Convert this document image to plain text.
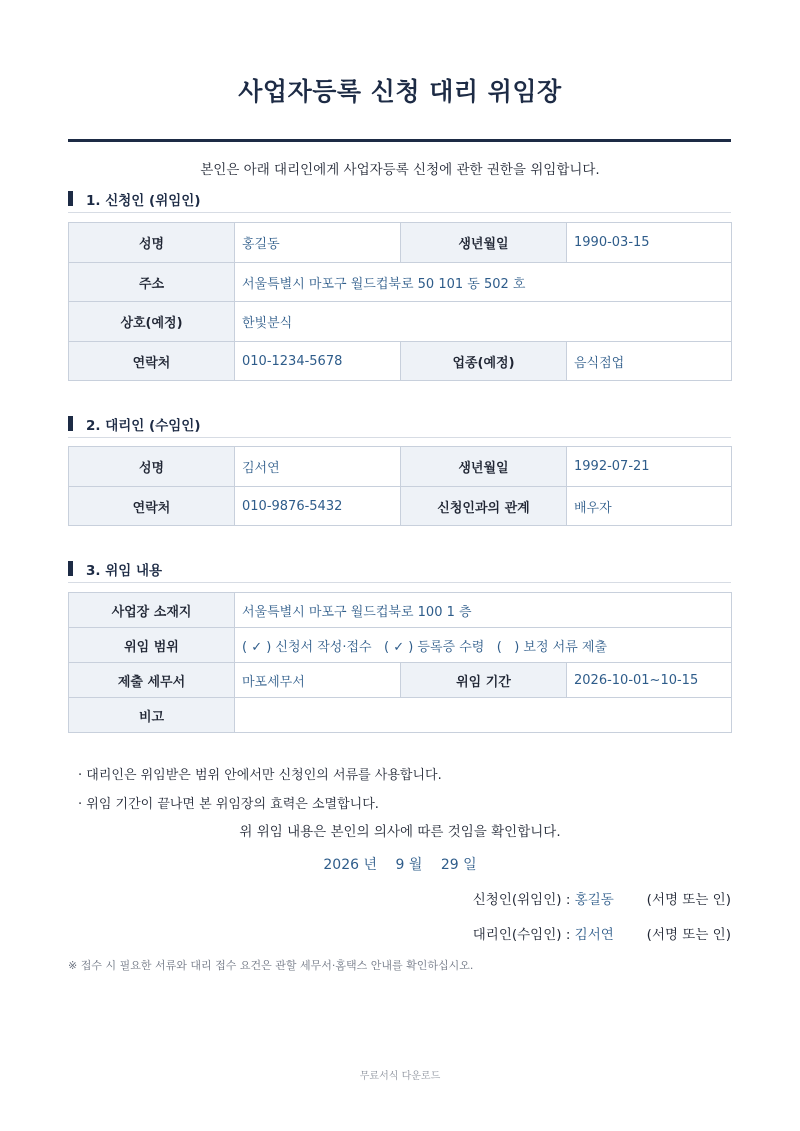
사업자등록 신청 대리 위임장
본인은 아래 대리인에게 사업자등록 신청에 관한 권한을 위임합니다.
1. 신청인 (위임인)
성명	홍길동	생년월일	1990-03-15
주소	서울특별시 마포구 월드컵북로 50 101 동 502 호		
상호(예정)	한빛분식		
연락처	010-1234-5678	업종(예정)	음식점업
2. 대리인 (수임인)
성명	김서연	생년월일	1992-07-21
연락처	010-9876-5432	신청인과의 관계	배우자
3. 위임 내용
사업장 소재지	서울특별시 마포구 월드컵북로 100 1 층		
위임 범위	( ✓ ) 신청서 작성·접수   ( ✓ ) 등록증 수령   (   ) 보정 서류 제출		
제출 세무서	마포세무서	위임 기간	2026-10-01~10-15
비고			
· 대리인은 위임받은 범위 안에서만 신청인의 서류를 사용합니다.
· 위임 기간이 끝나면 본 위임장의 효력은 소멸합니다.
위 위임 내용은 본인의 의사에 따른 것임을 확인합니다.
2026 년 9 월 29 일
신청인(위임인) : 홍길동 (서명 또는 인)
대리인(수임인) : 김서연 (서명 또는 인)
※ 접수 시 필요한 서류와 대리 접수 요건은 관할 세무서·홈택스 안내를 확인하십시오.
무료서식 다운로드
